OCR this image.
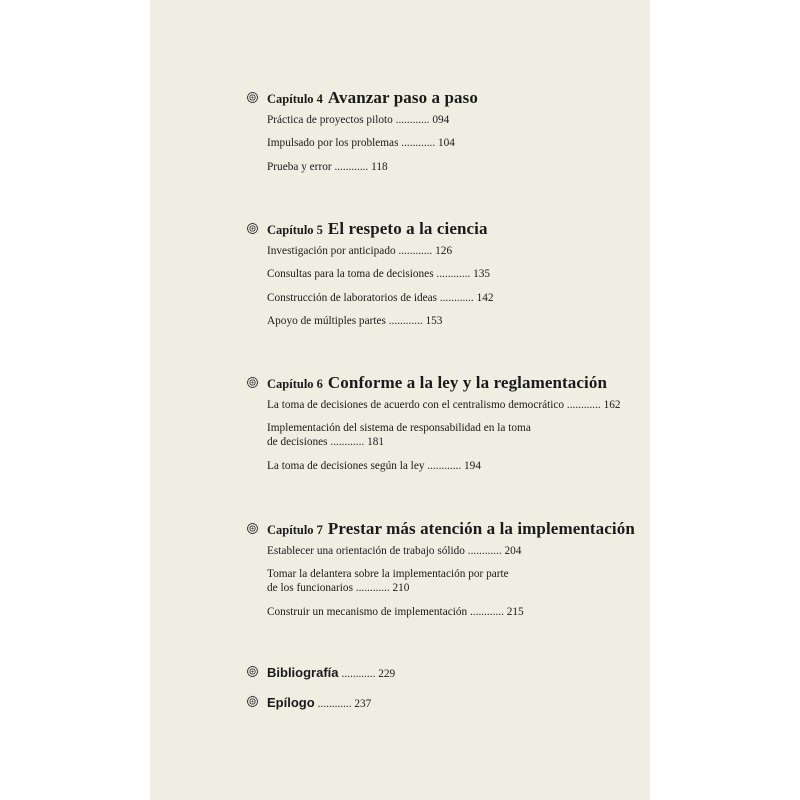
Capítulo 4 Avanzar paso a paso
Práctica de proyectos piloto ............ 094
Impulsado por los problemas ............ 104
Prueba y error ............ 118
Capítulo 5 El respeto a la ciencia
Investigación por anticipado ............ 126
Consultas para la toma de decisiones ............ 135
Construcción de laboratorios de ideas ............ 142
Apoyo de múltiples partes ............ 153
Capítulo 6 Conforme a la ley y la reglamentación
La toma de decisiones de acuerdo con el centralismo democrático ............ 162
Implementación del sistema de responsabilidad en la toma
de decisiones ............ 181
La toma de decisiones según la ley ............ 194
Capítulo 7 Prestar más atención a la implementación
Establecer una orientación de trabajo sólido ............ 204
Tomar la delantera sobre la implementación por parte
de los funcionarios ............ 210
Construir un mecanismo de implementación ............ 215
Bibliografía ............ 229
Epílogo ............ 237
